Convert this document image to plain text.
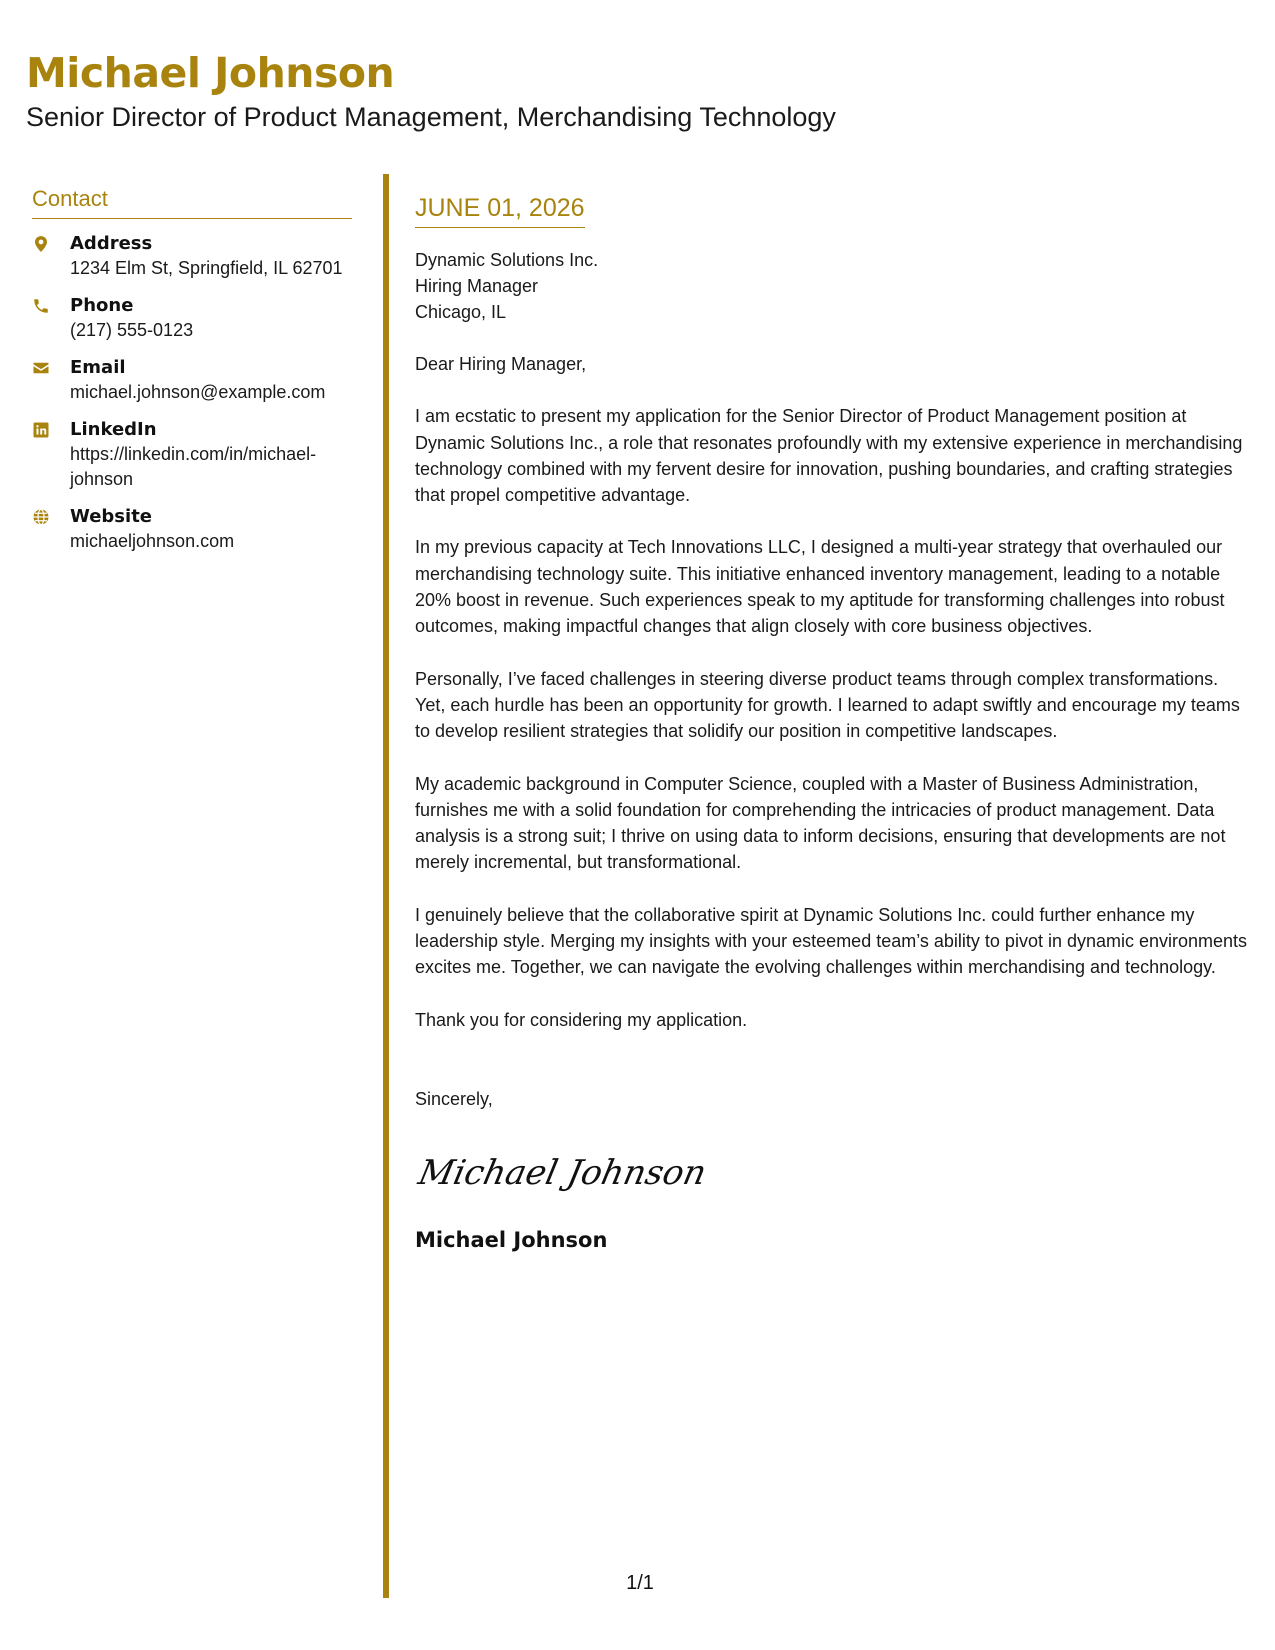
Michael Johnson

Senior Director of Product Management, Merchandising Technology

Contact
Address
1234 Elm St, Springfield, IL 62701
Phone
(217) 555-0123
Email
michael.johnson@example.com
LinkedIn
https://linkedin.com/in/michael-johnson
Website
michaeljohnson.com
JUNE 01, 2026
Dynamic Solutions Inc.
Hiring Manager
Chicago, IL

Dear Hiring Manager,

I am ecstatic to present my application for the Senior Director of Product Management position at Dynamic Solutions Inc., a role that resonates profoundly with my extensive experience in merchandising technology combined with my fervent desire for innovation, pushing boundaries, and crafting strategies that propel competitive advantage.

In my previous capacity at Tech Innovations LLC, I designed a multi-year strategy that overhauled our merchandising technology suite. This initiative enhanced inventory management, leading to a notable 20% boost in revenue. Such experiences speak to my aptitude for transforming challenges into robust outcomes, making impactful changes that align closely with core business objectives.

Personally, I’ve faced challenges in steering diverse product teams through complex transformations. Yet, each hurdle has been an opportunity for growth. I learned to adapt swiftly and encourage my teams to develop resilient strategies that solidify our position in competitive landscapes.

My academic background in Computer Science, coupled with a Master of Business Administration, furnishes me with a solid foundation for comprehending the intricacies of product management. Data analysis is a strong suit; I thrive on using data to inform decisions, ensuring that developments are not merely incremental, but transformational.

I genuinely believe that the collaborative spirit at Dynamic Solutions Inc. could further enhance my leadership style. Merging my insights with your esteemed team’s ability to pivot in dynamic environments excites me. Together, we can navigate the evolving challenges within merchandising and technology.

Thank you for considering my application.

Sincerely,
Michael Johnson
Michael Johnson
1/1
